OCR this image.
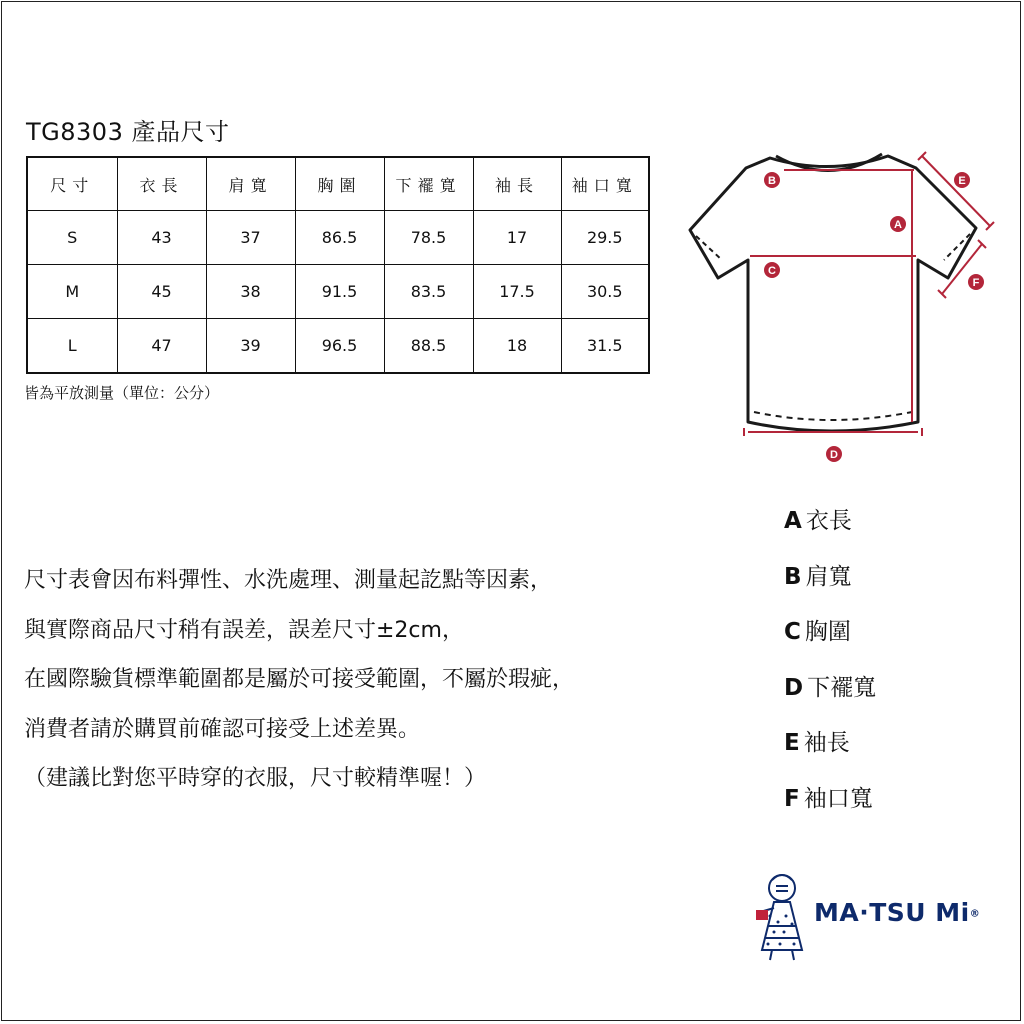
TG8303 產品尺寸
尺寸	衣長	肩寬	胸圍	下襬寬	袖長	袖口寬
S	43	37	86.5	78.5	17	29.5
M	45	38	91.5	83.5	17.5	30.5
L	47	39	96.5	88.5	18	31.5
皆為平放測量（單位：公分）
A
B
C
D
E
F

尺寸表會因布料彈性、水洗處理、測量起訖點等因素，

與實際商品尺寸稍有誤差，誤差尺寸±2cm，

在國際驗貨標準範圍都是屬於可接受範圍，不屬於瑕疵，

消費者請於購買前確認可接受上述差異。

（建議比對您平時穿的衣服，尺寸較精準喔！）

A 衣長
B 肩寬
C 胸圍
D 下襬寬
E 袖長
F 袖口寬
MA·TSU Mi®
